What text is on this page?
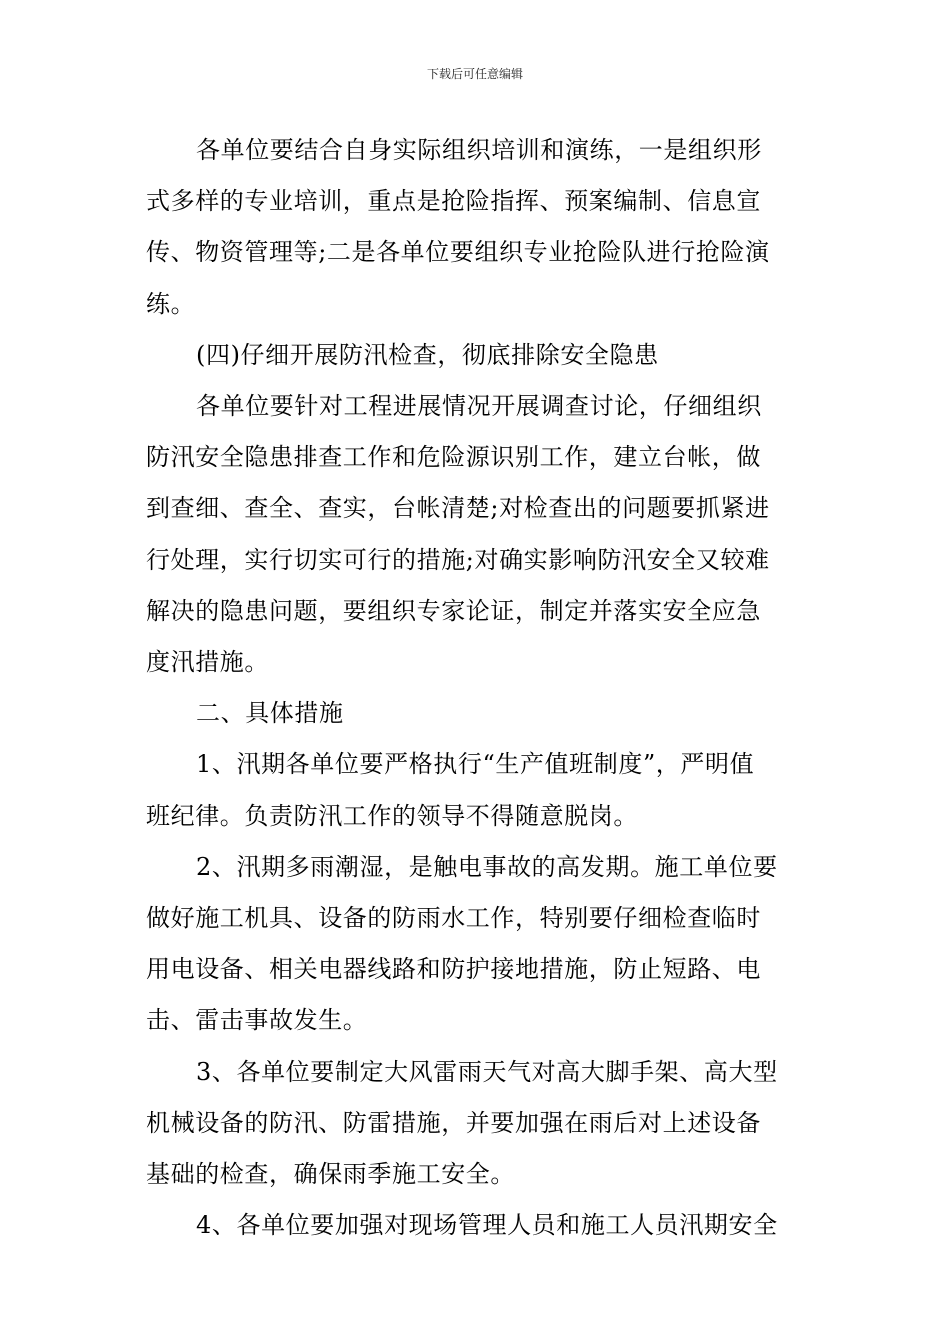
下载后可任意编辑

各单位要结合自身实际组织培训和演练，一是组织形
式多样的专业培训，重点是抢险指挥、预案编制、信息宣
传、物资管理等;二是各单位要组织专业抢险队进行抢险演
练。

(四)仔细开展防汛检查，彻底排除安全隐患

各单位要针对工程进展情况开展调查讨论，仔细组织
防汛安全隐患排查工作和危险源识别工作，建立台帐，做
到查细、查全、查实，台帐清楚;对检查出的问题要抓紧进
行处理，实行切实可行的措施;对确实影响防汛安全又较难
解决的隐患问题，要组织专家论证，制定并落实安全应急
度汛措施。

二、具体措施

1、汛期各单位要严格执行“生产值班制度”，严明值
班纪律。负责防汛工作的领导不得随意脱岗。

2、汛期多雨潮湿，是触电事故的高发期。施工单位要
做好施工机具、设备的防雨水工作，特别要仔细检查临时
用电设备、相关电器线路和防护接地措施，防止短路、电
击、雷击事故发生。

3、各单位要制定大风雷雨天气对高大脚手架、高大型
机械设备的防汛、防雷措施，并要加强在雨后对上述设备
基础的检查，确保雨季施工安全。

4、各单位要加强对现场管理人员和施工人员汛期安全
